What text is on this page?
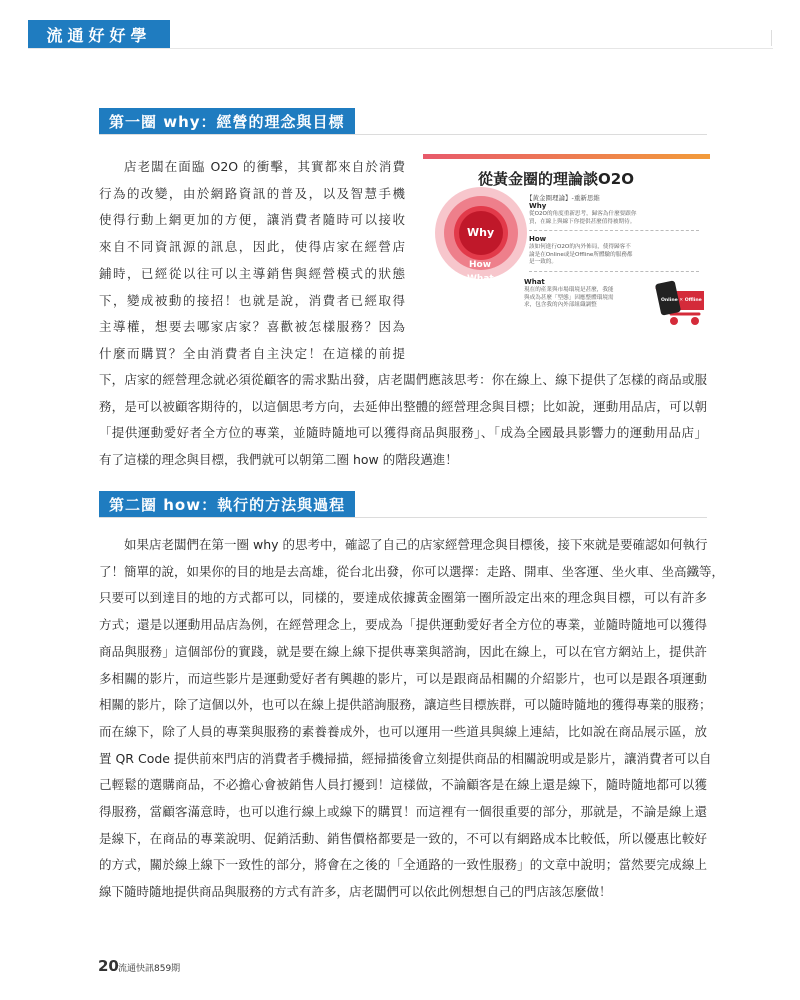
流通好好學
第一圈 why：經營的理念與目標

店老闆在面臨 O2O 的衝擊，其實都來自於消費

行為的改變，由於網路資訊的普及，以及智慧手機

使得行動上網更加的方便，讓消費者隨時可以接收

來自不同資訊源的訊息，因此，使得店家在經營店

鋪時，已經從以往可以主導銷售與經營模式的狀態

下，變成被動的接招！也就是說，消費者已經取得

主導權，想要去哪家店家？喜歡被怎樣服務？因為

什麼而購買？全由消費者自主決定！在這樣的前提

下，店家的經營理念就必須從顧客的需求點出發，店老闆們應該思考：你在線上、線下提供了怎樣的商品或服

務，是可以被顧客期待的，以這個思考方向，去延伸出整體的經營理念與目標；比如說，運動用品店，可以朝

「提供運動愛好者全方位的專業，並隨時隨地可以獲得商品與服務」、「成為全國最具影響力的運動用品店」

有了這樣的理念與目標，我們就可以朝第二圈 how 的階段邁進！

從黃金圈的理論談O2O
【黃金圈理論】-重新思維
Why
How
What
Why
從O2O的角度重新思考，歸客為什麼要跟你
買，在線上與線下你提供甚麼值得被期待。
How
該如何進行O2O的內外佈局，使得歸客不
論是在Online或是Offline所體驗的服務都
是一致的。
What
現在的產業與市場環境是甚麼，我能
與成為甚麼「型態」因應整體環境需
求，包含我的內外部組織調整
Online ✕ Offline
第二圈 how：執行的方法與過程

如果店老闆們在第一圈 why 的思考中，確認了自己的店家經營理念與目標後，接下來就是要確認如何執行

了！簡單的說，如果你的目的地是去高雄，從台北出發，你可以選擇：走路、開車、坐客運、坐火車、坐高鐵等，

只要可以到達目的地的方式都可以，同樣的，要達成依據黃金圈第一圈所設定出來的理念與目標，可以有許多

方式；還是以運動用品店為例，在經營理念上，要成為「提供運動愛好者全方位的專業，並隨時隨地可以獲得

商品與服務」這個部份的實踐，就是要在線上線下提供專業與諮詢，因此在線上，可以在官方網站上，提供許

多相關的影片，而這些影片是運動愛好者有興趣的影片，可以是跟商品相關的介紹影片，也可以是跟各項運動

相關的影片，除了這個以外，也可以在線上提供諮詢服務，讓這些目標族群，可以隨時隨地的獲得專業的服務；

而在線下，除了人員的專業與服務的素養養成外，也可以運用一些道具與線上連結，比如說在商品展示區，放

置 QR Code 提供前來門店的消費者手機掃描，經掃描後會立刻提供商品的相關說明或是影片，讓消費者可以自

己輕鬆的選購商品，不必擔心會被銷售人員打擾到！這樣做，不論顧客是在線上還是線下，隨時隨地都可以獲

得服務，當顧客滿意時，也可以進行線上或線下的購買！而這裡有一個很重要的部分，那就是，不論是線上還

是線下，在商品的專業說明、促銷活動、銷售價格都要是一致的，不可以有網路成本比較低，所以優惠比較好

的方式，關於線上線下一致性的部分，將會在之後的「全通路的一致性服務」的文章中說明；當然要完成線上

線下隨時隨地提供商品與服務的方式有許多，店老闆們可以依此例想想自己的門店該怎麼做！

20 流通快訊859期
